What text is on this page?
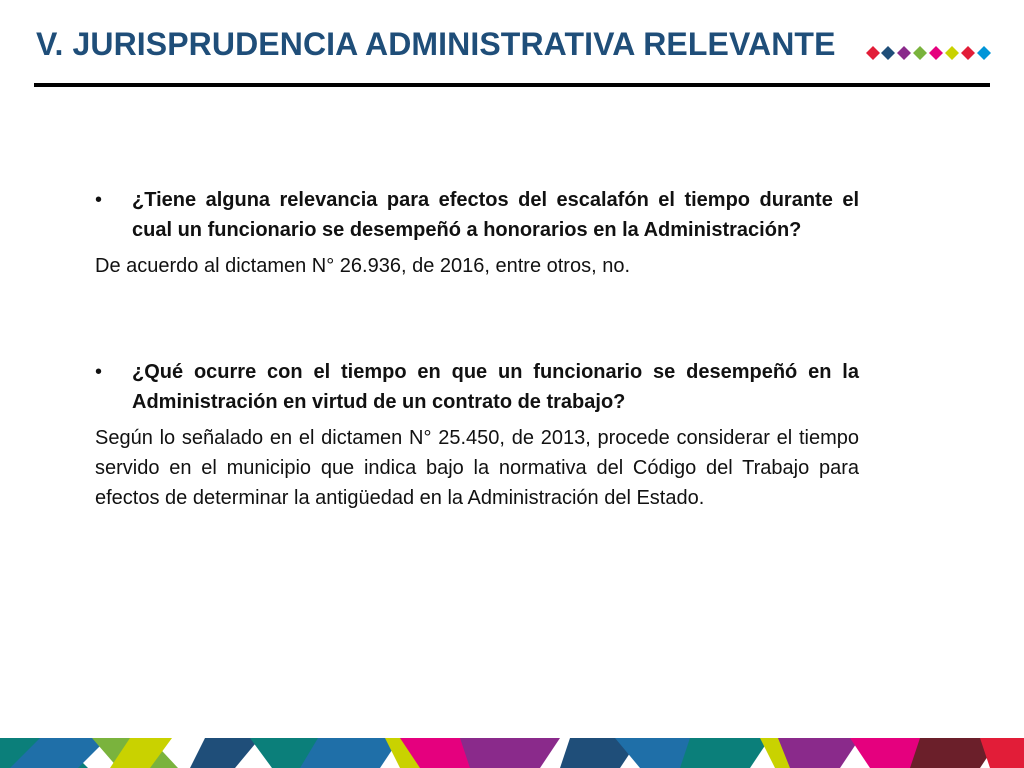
V. JURISPRUDENCIA ADMINISTRATIVA RELEVANTE
• ¿Tiene alguna relevancia para efectos del escalafón el tiempo durante el cual un funcionario se desempeñó a honorarios en la Administración?

De acuerdo al dictamen N° 26.936, de 2016, entre otros, no.

• ¿Qué ocurre con el tiempo en que un funcionario se desempeñó en la Administración en virtud de un contrato de trabajo?

Según lo señalado en el dictamen N° 25.450, de 2013, procede considerar el tiempo servido en el municipio que indica bajo la normativa del Código del Trabajo para efectos de determinar la antigüedad en la Administración del Estado.
